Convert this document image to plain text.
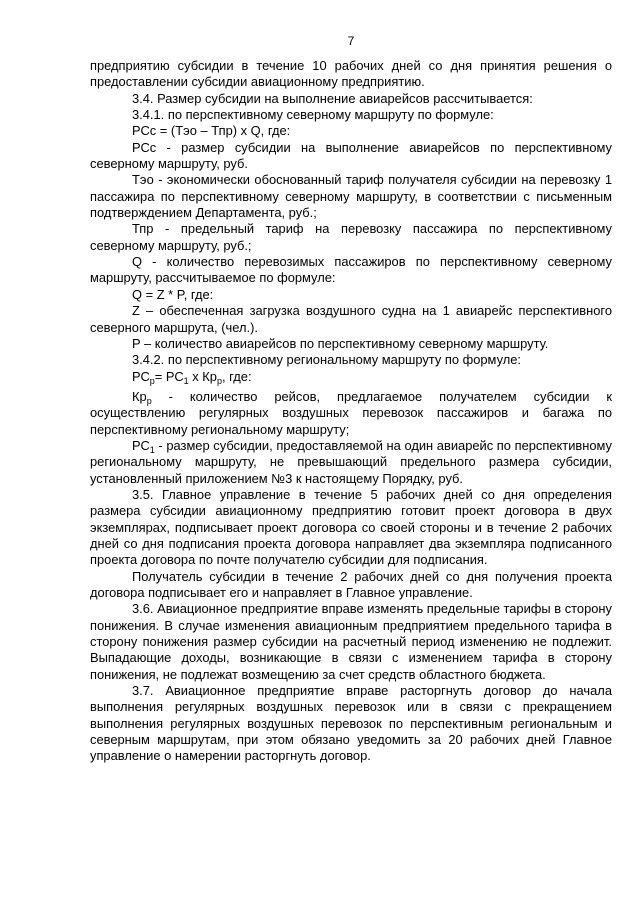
7

предприятию субсидии в течение 10 рабочих дней со дня принятия решения о предоставлении субсидии авиационному предприятию.

3.4. Размер субсидии на выполнение авиарейсов рассчитывается:

3.4.1. по перспективному северному маршруту по формуле:

РСс = (Тэо – Тпр) х Q, где:

РСс - размер субсидии на выполнение авиарейсов по перспективному северному маршруту, руб.

Тэо - экономически обоснованный тариф получателя субсидии на перевозку 1 пассажира по перспективному северному маршруту, в соответствии с письменным подтверждением Департамента, руб.;

Тпр - предельный тариф на перевозку пассажира по перспективному северному маршруту, руб.;

Q - количество перевозимых пассажиров по перспективному северному маршруту, рассчитываемое по формуле:

Q = Z * P, где:

Z – обеспеченная загрузка воздушного судна на 1 авиарейс перспективного северного маршрута, (чел.).

P – количество авиарейсов по перспективному северному маршруту.

3.4.2. по перспективному региональному маршруту по формуле:

$РС_р= РС_1$ х $Кр_р$, где:

$Кр_р$ - количество рейсов, предлагаемое получателем субсидии к осуществлению регулярных воздушных перевозок пассажиров и багажа по перспективному региональному маршруту;

$РС_1$ - размер субсидии, предоставляемой на один авиарейс по перспективному региональному маршруту, не превышающий предельного размера субсидии, установленный приложением №3 к настоящему Порядку, руб.

3.5. Главное управление в течение 5 рабочих дней со дня определения размера субсидии авиационному предприятию готовит проект договора в двух экземплярах, подписывает проект договора со своей стороны и в течение 2 рабочих дней со дня подписания проекта договора направляет два экземпляра подписанного проекта договора по почте получателю субсидии для подписания.

Получатель субсидии в течение 2 рабочих дней со дня получения проекта договора подписывает его и направляет в Главное управление.

3.6. Авиационное предприятие вправе изменять предельные тарифы в сторону понижения. В случае изменения авиационным предприятием предельного тарифа в сторону понижения размер субсидии на расчетный период изменению не подлежит. Выпадающие доходы, возникающие в связи с изменением тарифа в сторону понижения, не подлежат возмещению за счет средств областного бюджета.

3.7. Авиационное предприятие вправе расторгнуть договор до начала выполнения регулярных воздушных перевозок или в связи с прекращением выполнения регулярных воздушных перевозок по перспективным региональным и северным маршрутам, при этом обязано уведомить за 20 рабочих дней Главное управление о намерении расторгнуть договор.
